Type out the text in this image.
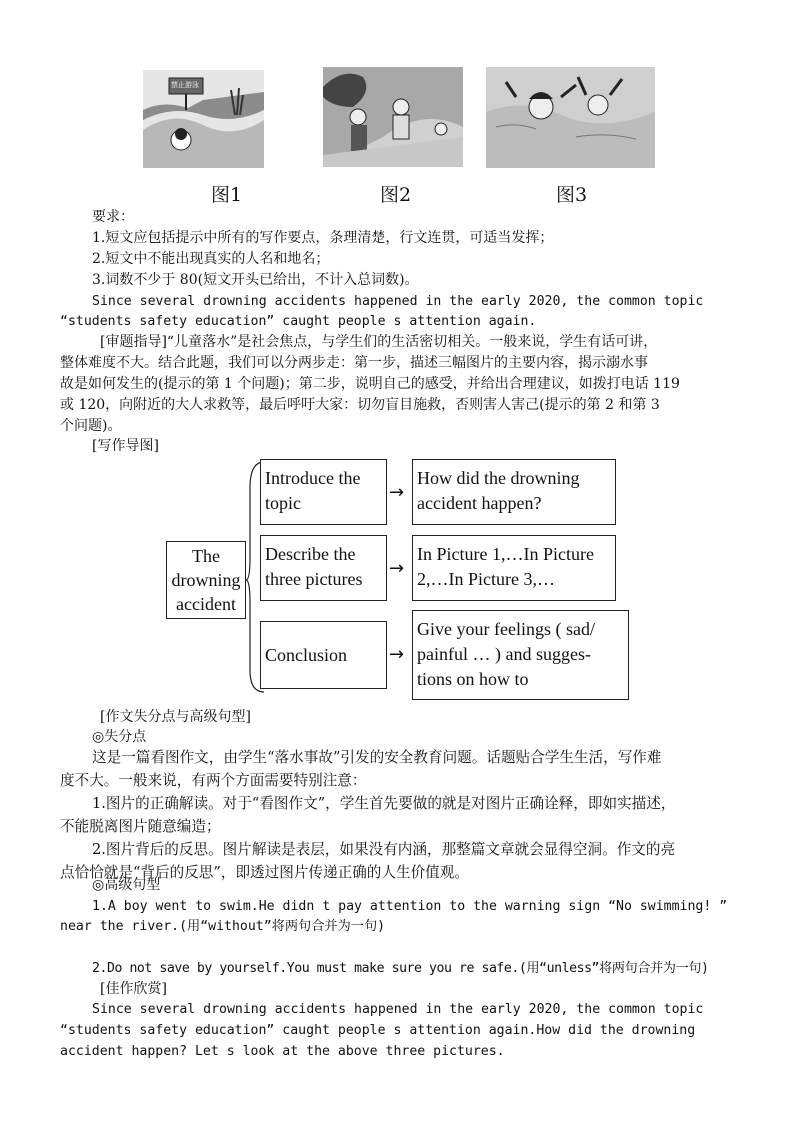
禁止游泳
图1	图2	图3
要求：
1.短文应包括提示中所有的写作要点，条理清楚，行文连贯，可适当发挥；
2.短文中不能出现真实的人名和地名；
3.词数不少于 80(短文开头已给出，不计入总词数)。
Since several drowning accidents happened in the early 2020, the common topic
“students safety education” caught people s attention again.
[审题指导]“儿童落水”是社会焦点，与学生们的生活密切相关。一般来说，学生有话可讲，
整体难度不大。结合此题，我们可以分两步走：第一步，描述三幅图片的主要内容，揭示溺水事
故是如何发生的(提示的第 1 个问题)；第二步，说明自己的感受，并给出合理建议，如拨打电话 119
或 120，向附近的大人求救等，最后呼吁大家：切勿盲目施救，否则害人害己(提示的第 2 和第 3
个问题)。
[写作导图]
The
drowning
accident
Introduce the
topic	→
How did the drowning
accident happen?
Describe the
three pictures	→
In Picture 1,…In Picture
2,…In Picture 3,…
Conclusion	→
Give your feelings ( sad/
painful … ) and sugges-
tions on how to
[作文失分点与高级句型]
◎失分点
这是一篇看图作文，由学生“落水事故”引发的安全教育问题。话题贴合学生生活，写作难
度不大。一般来说，有两个方面需要特别注意：
1.图片的正确解读。对于“看图作文”，学生首先要做的就是对图片正确诠释，即如实描述，
不能脱离图片随意编造；
2.图片背后的反思。图片解读是表层，如果没有内涵，那整篇文章就会显得空洞。作文的亮
点恰恰就是“背后的反思”，即透过图片传递正确的人生价值观。
◎高级句型
1.A boy went to swim.He didn t pay attention to the warning sign “No swimming! ”
near the river.(用“without”将两句合并为一句)
2.Do not save by yourself.You must make sure you re safe.(用“unless”将两句合并为一句)
[佳作欣赏]
Since several drowning accidents happened in the early 2020, the common topic
“students safety education” caught people s attention again.How did the drowning
accident happen? Let s look at the above three pictures.
